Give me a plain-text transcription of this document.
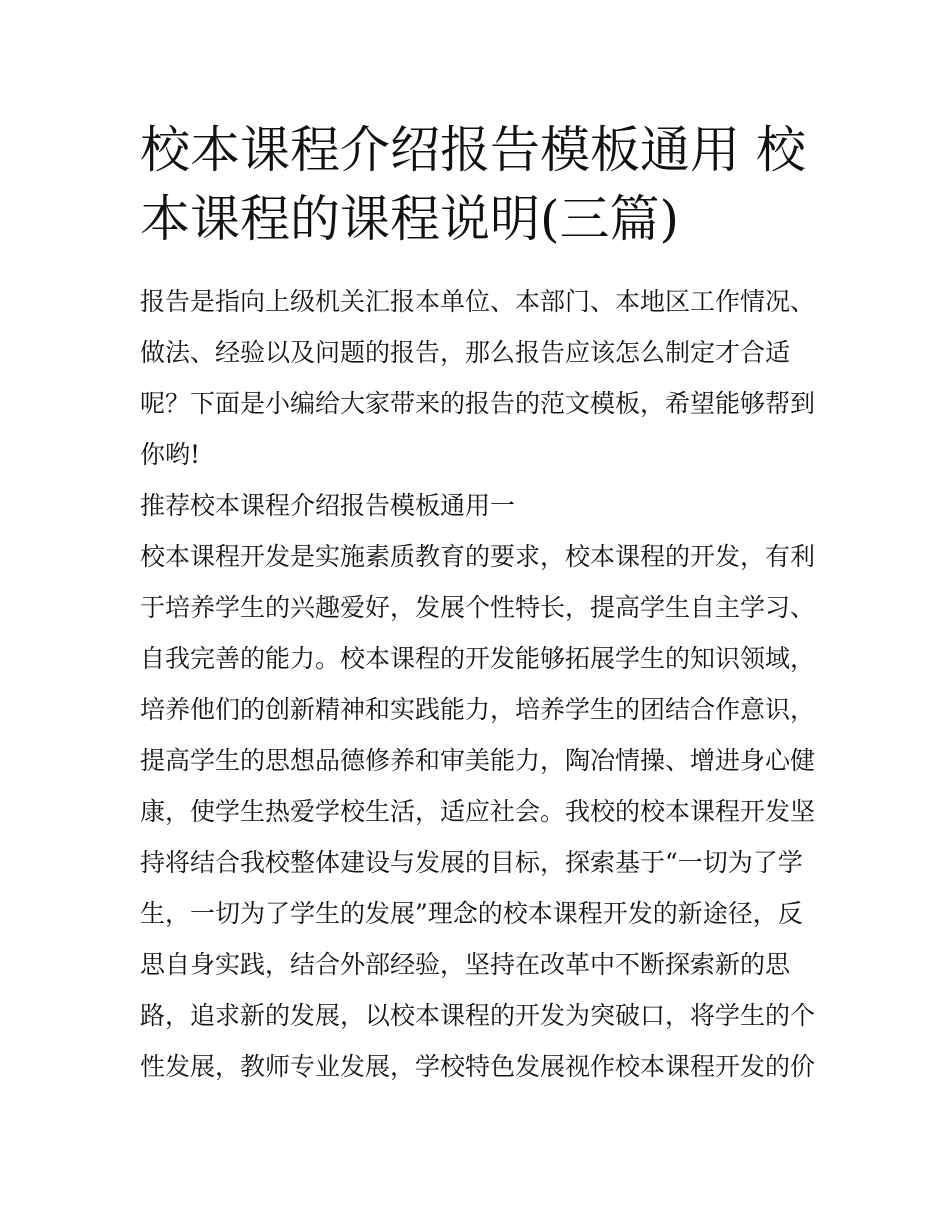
校本课程介绍报告模板通用 校
本课程的课程说明(三篇)
报告是指向上级机关汇报本单位、本部门、本地区工作情况、
做法、经验以及问题的报告，那么报告应该怎么制定才合适
呢？下面是小编给大家带来的报告的范文模板，希望能够帮到
你哟!
推荐校本课程介绍报告模板通用一
校本课程开发是实施素质教育的要求，校本课程的开发，有利
于培养学生的兴趣爱好，发展个性特长，提高学生自主学习、
自我完善的能力。校本课程的开发能够拓展学生的知识领域，
培养他们的创新精神和实践能力，培养学生的团结合作意识，
提高学生的思想品德修养和审美能力，陶冶情操、增进身心健
康，使学生热爱学校生活，适应社会。我校的校本课程开发坚
持将结合我校整体建设与发展的目标，探索基于“一切为了学
生，一切为了学生的发展”理念的校本课程开发的新途径，反
思自身实践，结合外部经验，坚持在改革中不断探索新的思
路，追求新的发展，以校本课程的开发为突破口，将学生的个
性发展，教师专业发展，学校特色发展视作校本课程开发的价
